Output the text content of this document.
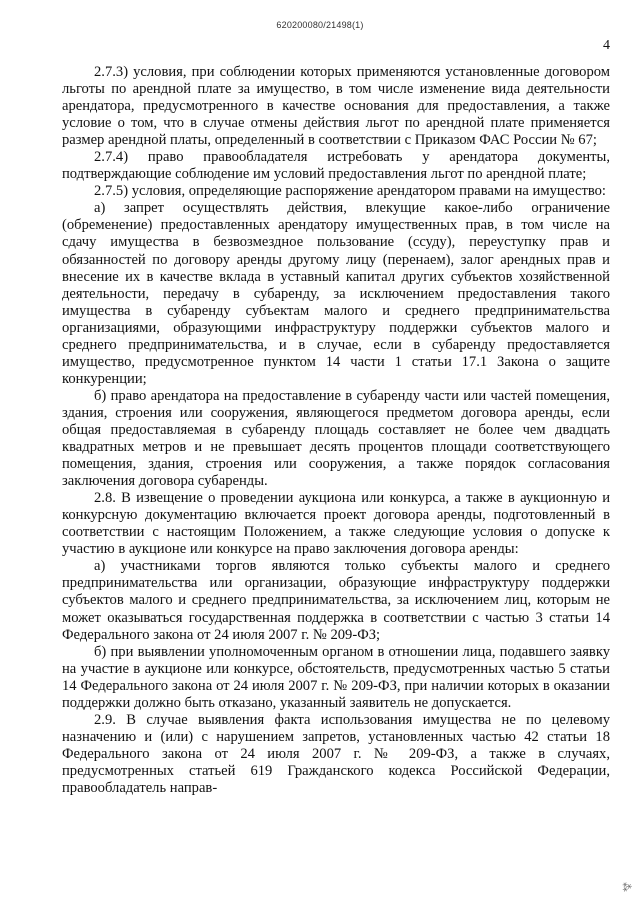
620200080/21498(1)
4

2.7.3) условия, при соблюдении которых применяются установленные договором льготы по арендной плате за имущество, в том числе изменение вида деятельности арендатора, предусмотренного в качестве основания для предоставления, а также условие о том, что в случае отмены действия льгот по арендной плате применяется размер арендной платы, определенный в соответствии с Приказом ФАС России № 67;

2.7.4) право правообладателя истребовать у арендатора документы, подтверждающие соблюдение им условий предоставления льгот по арендной плате;

2.7.5) условия, определяющие распоряжение арендатором правами на имущество:

а) запрет осуществлять действия, влекущие какое-либо ограничение (обременение) предоставленных арендатору имущественных прав, в том числе на сдачу имущества в безвозмездное пользование (ссуду), переуступку прав и обязанностей по договору аренды другому лицу (перенаем), залог арендных прав и внесение их в качестве вклада в уставный капитал других субъектов хозяйственной деятельности, передачу в субаренду, за исключением предоставления такого имущества в субаренду субъектам малого и среднего предпринимательства организациями, образующими инфраструктуру поддержки субъектов малого и среднего предпринимательства, и в случае, если в субаренду предоставляется имущество, предусмотренное пунктом 14 части 1 статьи 17.1 Закона о защите конкуренции;

б) право арендатора на предоставление в субаренду части или частей помещения, здания, строения или сооружения, являющегося предметом договора аренды, если общая предоставляемая в субаренду площадь составляет не более чем двадцать квадратных метров и не превышает десять процентов площади соответствующего помещения, здания, строения или сооружения, а также порядок согласования заключения договора субаренды.

2.8. В извещение о проведении аукциона или конкурса, а также в аукционную и конкурсную документацию включается проект договора аренды, подготовленный в соответствии с настоящим Положением, а также следующие условия о допуске к участию в аукционе или конкурсе на право заключения договора аренды:

а) участниками торгов являются только субъекты малого и среднего предпринимательства или организации, образующие инфраструктуру поддержки субъектов малого и среднего предпринимательства, за исключением лиц, которым не может оказываться государственная поддержка в соответствии с частью 3 статьи 14 Федерального закона от 24 июля 2007 г. № 209-ФЗ;

б) при выявлении уполномоченным органом в отношении лица, подавшего заявку на участие в аукционе или конкурсе, обстоятельств, предусмотренных частью 5 статьи 14 Федерального закона от 24 июля 2007 г. № 209-ФЗ, при наличии которых в оказании поддержки должно быть отказано, указанный заявитель не допускается.

2.9. В случае выявления факта использования имущества не по целевому назначению и (или) с нарушением запретов, установленных частью 42 статьи 18 Федерального закона от 24 июля 2007 г. № 209-ФЗ, а также в случаях, предусмотренных статьей 619 Гражданского кодекса Российской Федерации, правообладатель направ-

⁂
